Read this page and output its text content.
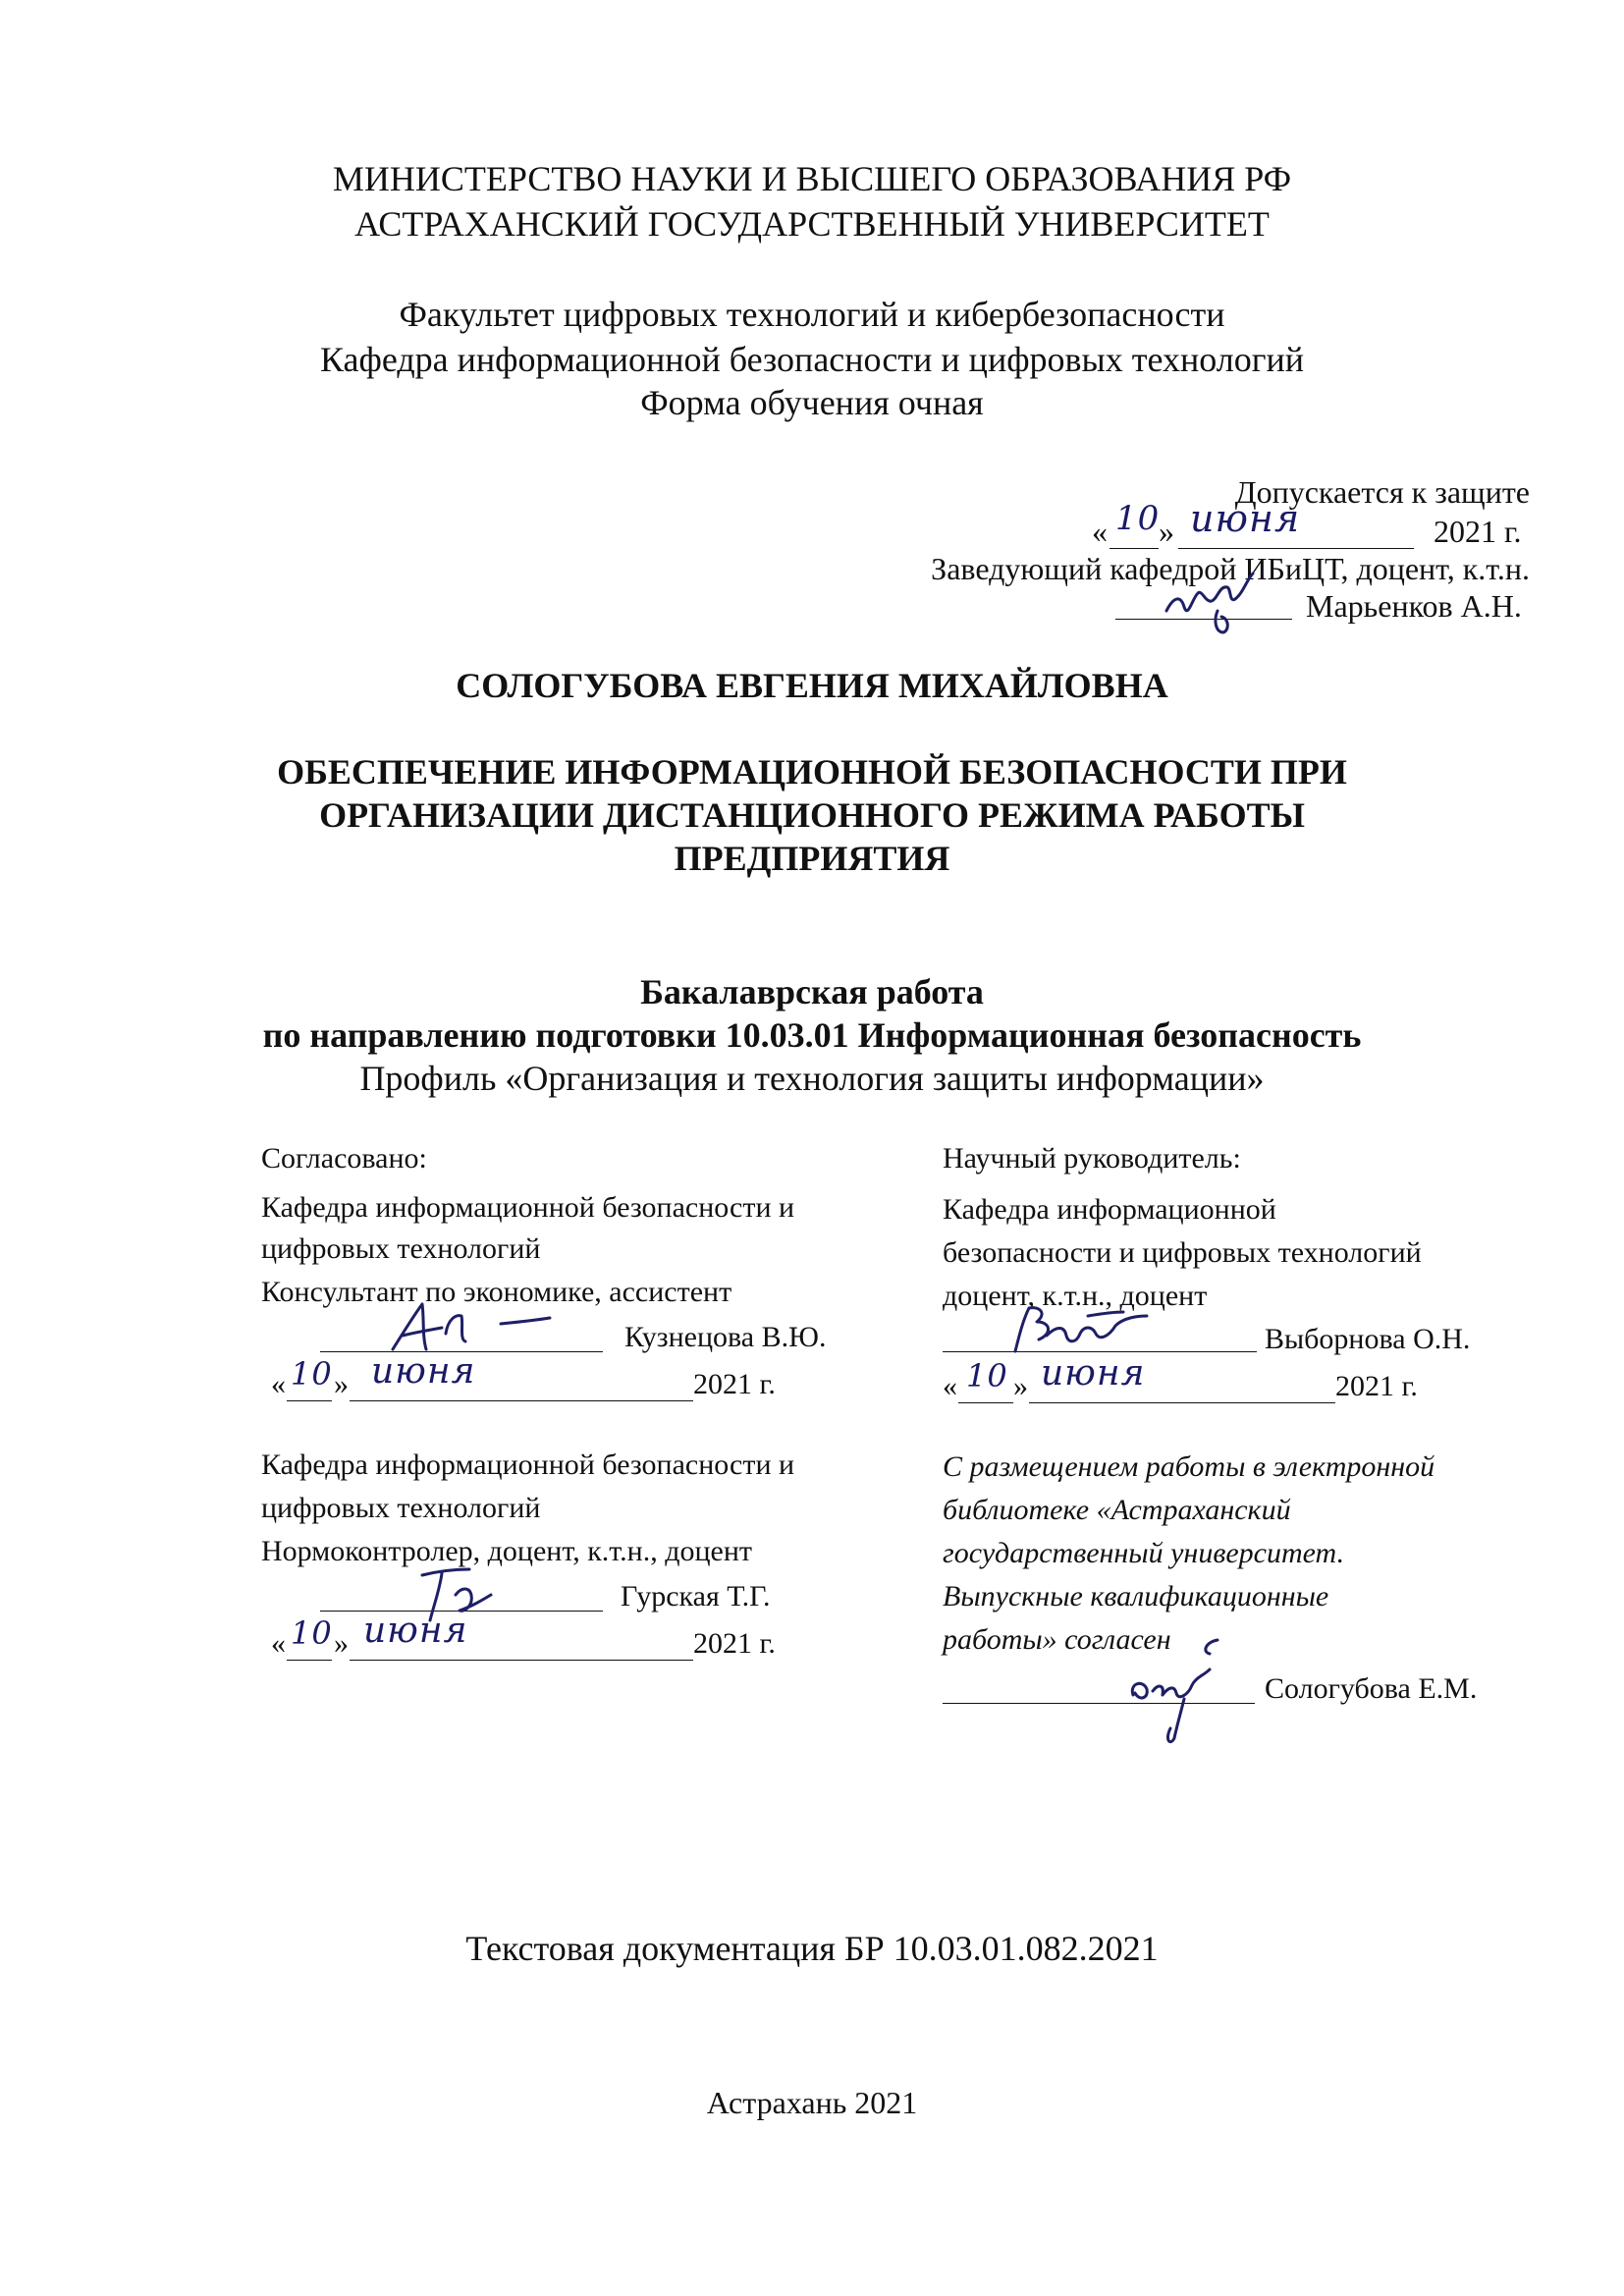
МИНИСТЕРСТВО НАУКИ И ВЫСШЕГО ОБРАЗОВАНИЯ РФ
АСТРАХАНСКИЙ ГОСУДАРСТВЕННЫЙ УНИВЕРСИТЕТ
Факультет цифровых технологий и кибербезопасности
Кафедра информационной безопасности и цифровых технологий
Форма обучения очная
Допускается к защите
« 10
» июня	2021 г.
Заведующий кафедрой ИБиЦТ, доцент, к.т.н.
Марьенков А.Н.
СОЛОГУБОВА ЕВГЕНИЯ МИХАЙЛОВНА
ОБЕСПЕЧЕНИЕ ИНФОРМАЦИОННОЙ БЕЗОПАСНОСТИ ПРИ
ОРГАНИЗАЦИИ ДИСТАНЦИОННОГО РЕЖИМА РАБОТЫ
ПРЕДПРИЯТИЯ
Бакалаврская работа
по направлению подготовки 10.03.01 Информационная безопасность
Профиль «Организация и технология защиты информации»
Согласовано:
Кафедра информационной безопасности и
цифровых технологий
Консультант по экономике, ассистент
Кузнецова В.Ю.
« 10 » июня	2021 г.
Кафедра информационной безопасности и
цифровых технологий
Нормоконтролер, доцент, к.т.н., доцент
Гурская Т.Г.
« 10 » июня	2021 г.
Научный руководитель:
Кафедра информационной
безопасности и цифровых технологий
доцент, к.т.н., доцент
Выборнова О.Н.
« 10 » июня	2021 г.
С размещением работы в электронной
библиотеке «Астраханский
государственный университет.
Выпускные квалификационные
работы» согласен
Сологубова Е.М.
Текстовая документация БР 10.03.01.082.2021
Астрахань 2021
